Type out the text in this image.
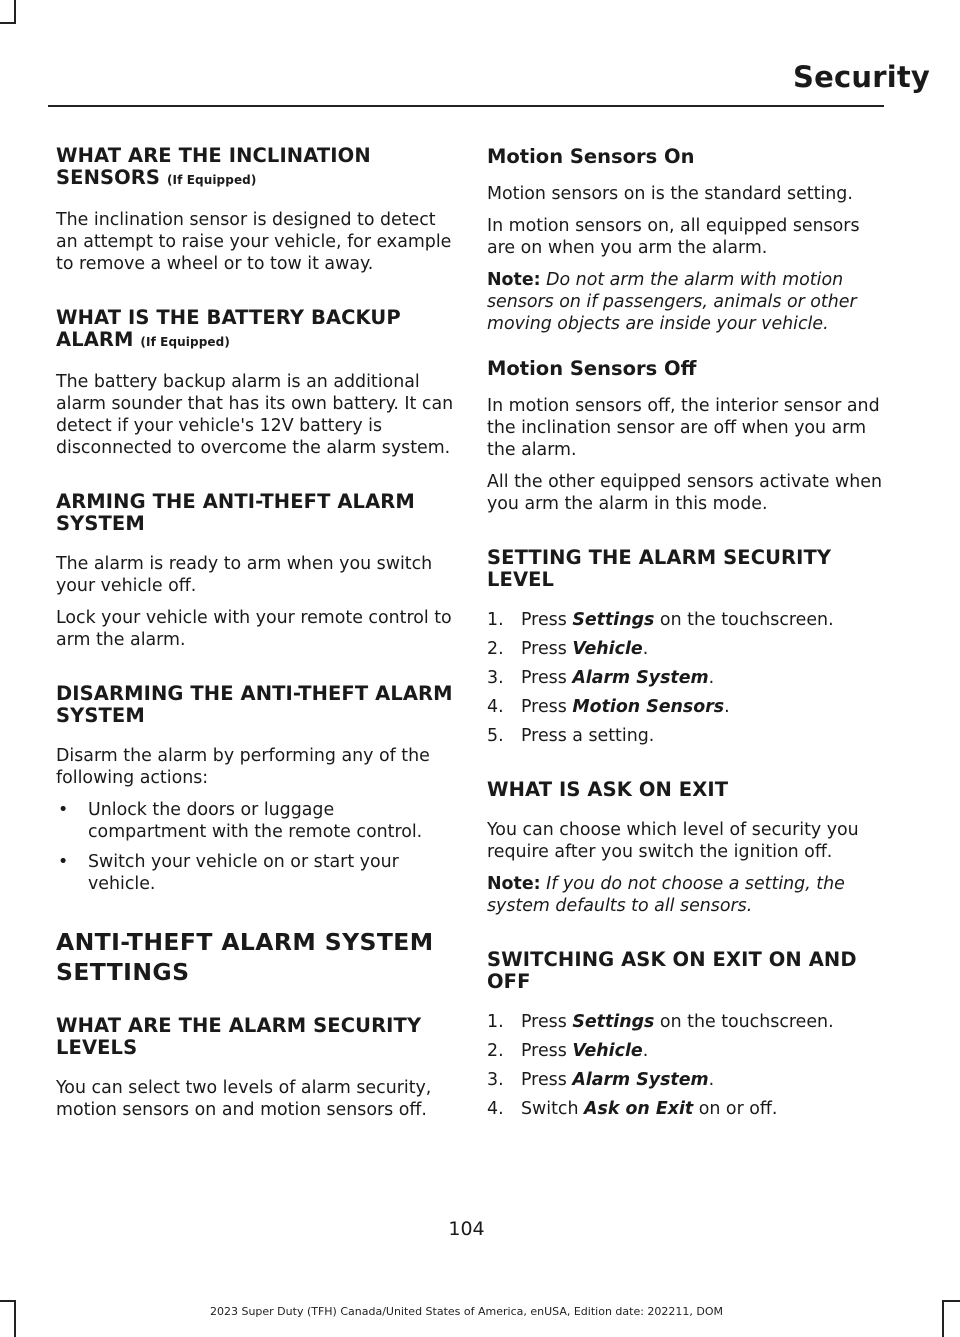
Security
WHAT ARE THE INCLINATION SENSORS (If Equipped)

The inclination sensor is designed to detect an attempt to raise your vehicle, for example to remove a wheel or to tow it away.

WHAT IS THE BATTERY BACKUP ALARM (If Equipped)

The battery backup alarm is an additional alarm sounder that has its own battery. It can detect if your vehicle's 12V battery is disconnected to overcome the alarm system.

ARMING THE ANTI-THEFT ALARM SYSTEM

The alarm is ready to arm when you switch your vehicle off.

Lock your vehicle with your remote control to arm the alarm.

DISARMING THE ANTI-THEFT ALARM SYSTEM

Disarm the alarm by performing any of the following actions:

• Unlock the doors or luggage compartment with the remote control.
• Switch your vehicle on or start your vehicle.
ANTI-THEFT ALARM SYSTEM
SETTINGS
WHAT ARE THE ALARM SECURITY LEVELS

You can select two levels of alarm security, motion sensors on and motion sensors off.

Motion Sensors On

Motion sensors on is the standard setting.

In motion sensors on, all equipped sensors are on when you arm the alarm.

Note: Do not arm the alarm with motion sensors on if passengers, animals or other moving objects are inside your vehicle.

Motion Sensors Off

In motion sensors off, the interior sensor and the inclination sensor are off when you arm the alarm.

All the other equipped sensors activate when you arm the alarm in this mode.

SETTING THE ALARM SECURITY LEVEL
1. Press Settings on the touchscreen.
2. Press Vehicle.
3. Press Alarm System.
4. Press Motion Sensors.
5. Press a setting.
WHAT IS ASK ON EXIT

You can choose which level of security you require after you switch the ignition off.

Note: If you do not choose a setting, the system defaults to all sensors.

SWITCHING ASK ON EXIT ON AND OFF
1. Press Settings on the touchscreen.
2. Press Vehicle.
3. Press Alarm System.
4. Switch Ask on Exit on or off.
104
2023 Super Duty (TFH) Canada/United States of America, enUSA, Edition date: 202211, DOM
